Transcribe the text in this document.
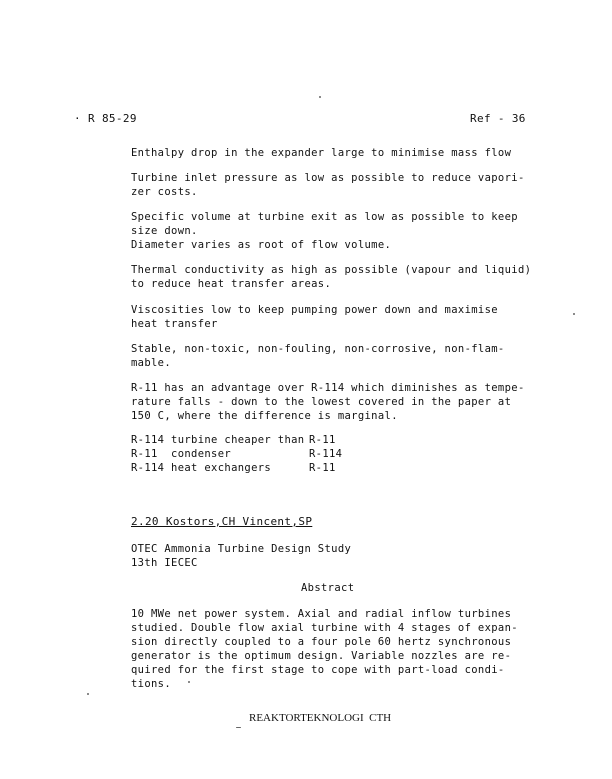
· R 85-29	Ref - 36
Enthalpy drop in the expander large to minimise mass flow
Turbine inlet pressure as low as possible to reduce vapori-
zer costs.
Specific volume at turbine exit as low as possible to keep
size down.
Diameter varies as root of flow volume.
Thermal conductivity as high as possible (vapour and liquid)
to reduce heat transfer areas.
Viscosities low to keep pumping power down and maximise
heat transfer
Stable, non-toxic, non-fouling, non-corrosive, non-flam-
mable.
R-11 has an advantage over R-114 which diminishes as tempe-
rature falls - down to the lowest covered in the paper at
150 C, where the difference is marginal.
R-114 turbine cheaper than R-11
R-11  condenser	R-114
R-114 heat exchangers	R-11
2.20 Kostors,CH Vincent,SP
OTEC Ammonia Turbine Design Study
13th IECEC
Abstract
10 MWe net power system. Axial and radial inflow turbines
studied. Double flow axial turbine with 4 stages of expan-
sion directly coupled to a four pole 60 hertz synchronous
generator is the optimum design. Variable nozzles are re-
quired for the first stage to cope with part-load condi-
tions.
REAKTORTEKNOLOGI  CTH
